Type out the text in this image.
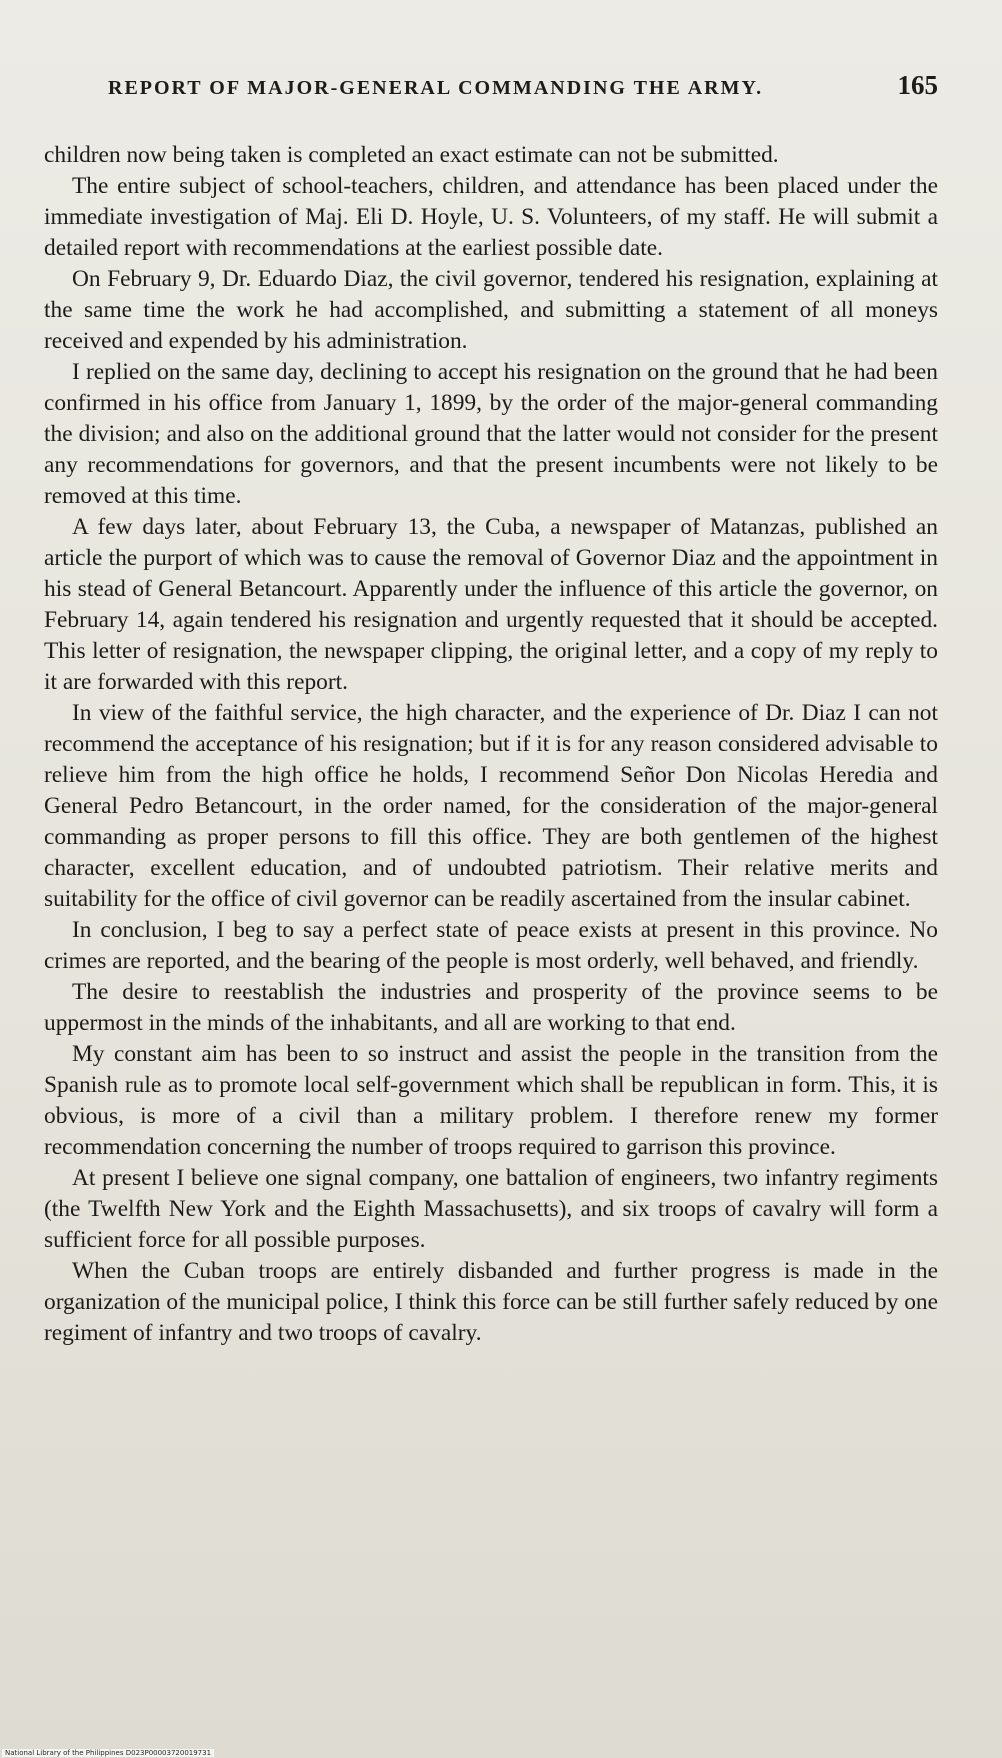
REPORT OF MAJOR-GENERAL COMMANDING THE ARMY.	165

children now being taken is completed an exact estimate can not be submitted.

The entire subject of school-teachers, children, and attendance has been placed under the immediate investigation of Maj. Eli D. Hoyle, U. S. Volunteers, of my staff. He will submit a detailed report with recommendations at the earliest possible date.

On February 9, Dr. Eduardo Diaz, the civil governor, tendered his resignation, explaining at the same time the work he had accomplished, and submitting a statement of all moneys received and expended by his administration.

I replied on the same day, declining to accept his resignation on the ground that he had been confirmed in his office from January 1, 1899, by the order of the major-general commanding the division; and also on the additional ground that the latter would not consider for the present any recommendations for governors, and that the present incumbents were not likely to be removed at this time.

A few days later, about February 13, the Cuba, a newspaper of Matanzas, published an article the purport of which was to cause the removal of Governor Diaz and the appointment in his stead of General Betancourt. Apparently under the influence of this article the governor, on February 14, again tendered his resignation and urgently requested that it should be accepted. This letter of resignation, the newspaper clipping, the original letter, and a copy of my reply to it are forwarded with this report.

In view of the faithful service, the high character, and the experience of Dr. Diaz I can not recommend the acceptance of his resignation; but if it is for any reason considered advisable to relieve him from the high office he holds, I recommend Señor Don Nicolas Heredia and General Pedro Betancourt, in the order named, for the consideration of the major-general commanding as proper persons to fill this office. They are both gentlemen of the highest character, excellent education, and of undoubted patriotism. Their relative merits and suitability for the office of civil governor can be readily ascertained from the insular cabinet.

In conclusion, I beg to say a perfect state of peace exists at present in this province. No crimes are reported, and the bearing of the people is most orderly, well behaved, and friendly.

The desire to reestablish the industries and prosperity of the province seems to be uppermost in the minds of the inhabitants, and all are working to that end.

My constant aim has been to so instruct and assist the people in the transition from the Spanish rule as to promote local self-government which shall be republican in form. This, it is obvious, is more of a civil than a military problem. I therefore renew my former recommendation concerning the number of troops required to garrison this province.

At present I believe one signal company, one battalion of engineers, two infantry regiments (the Twelfth New York and the Eighth Massachusetts), and six troops of cavalry will form a sufficient force for all possible purposes.

When the Cuban troops are entirely disbanded and further progress is made in the organization of the municipal police, I think this force can be still further safely reduced by one regiment of infantry and two troops of cavalry.

National Library of the Philippines D023P00003720019731
